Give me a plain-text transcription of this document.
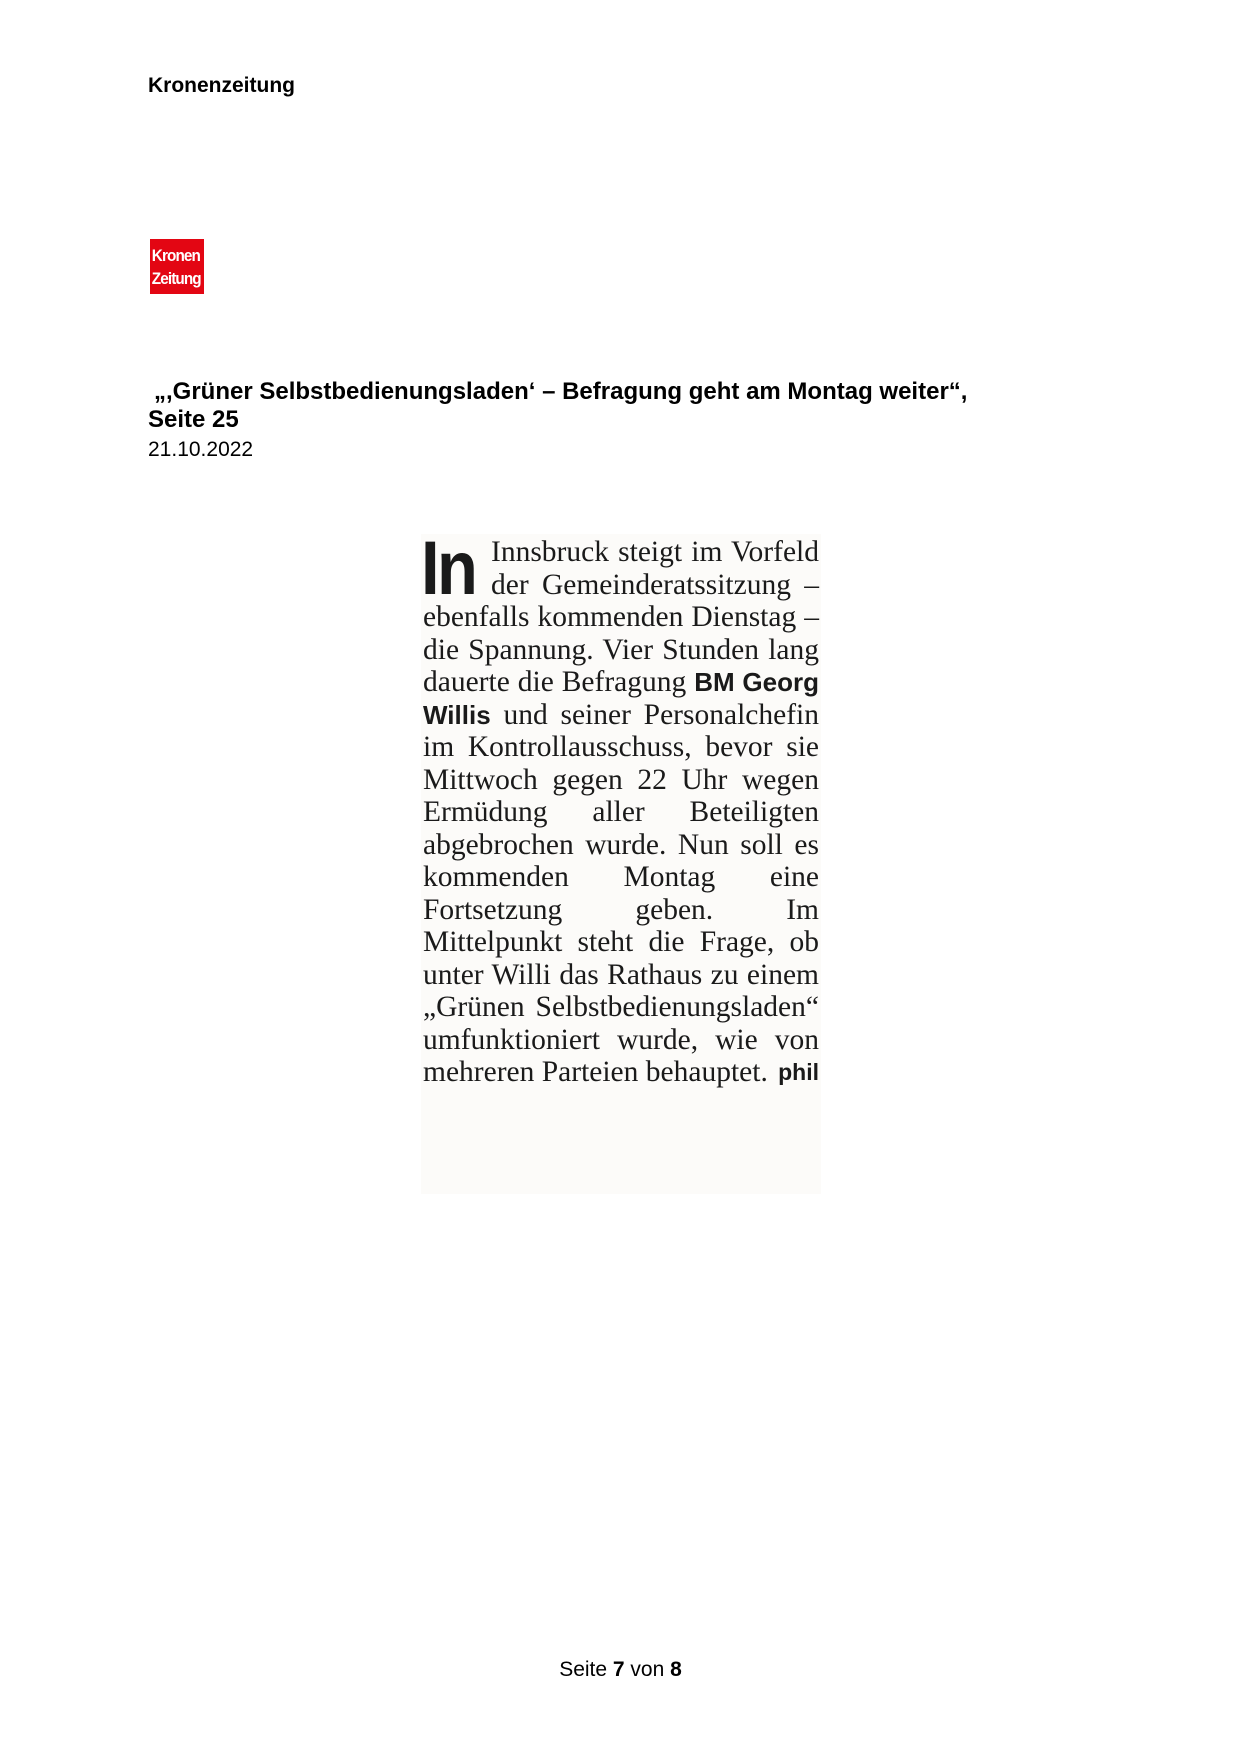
Kronenzeitung
Kronen
Zeitung
„,Grüner Selbstbedienungsladen‘ – Befragung geht am Montag weiter“,
Seite 25
21.10.2022
In Innsbruck steigt im Vorfeld der Gemeinderatssitzung – ebenfalls kommenden Dienstag – die Spannung. Vier Stunden lang dauerte die Befragung BM Georg Willis und seiner Personalchefin im Kontrollausschuss, bevor sie Mittwoch gegen 22 Uhr wegen Ermüdung aller Beteiligten abgebrochen wurde. Nun soll es kommenden Montag eine Fortsetzung geben. Im Mittelpunkt steht die Frage, ob unter Willi das Rathaus zu einem „Grünen Selbstbedienungsladen“ umfunktioniert wurde, wie von mehreren Parteien behauptet. phil
Seite 7 von 8
